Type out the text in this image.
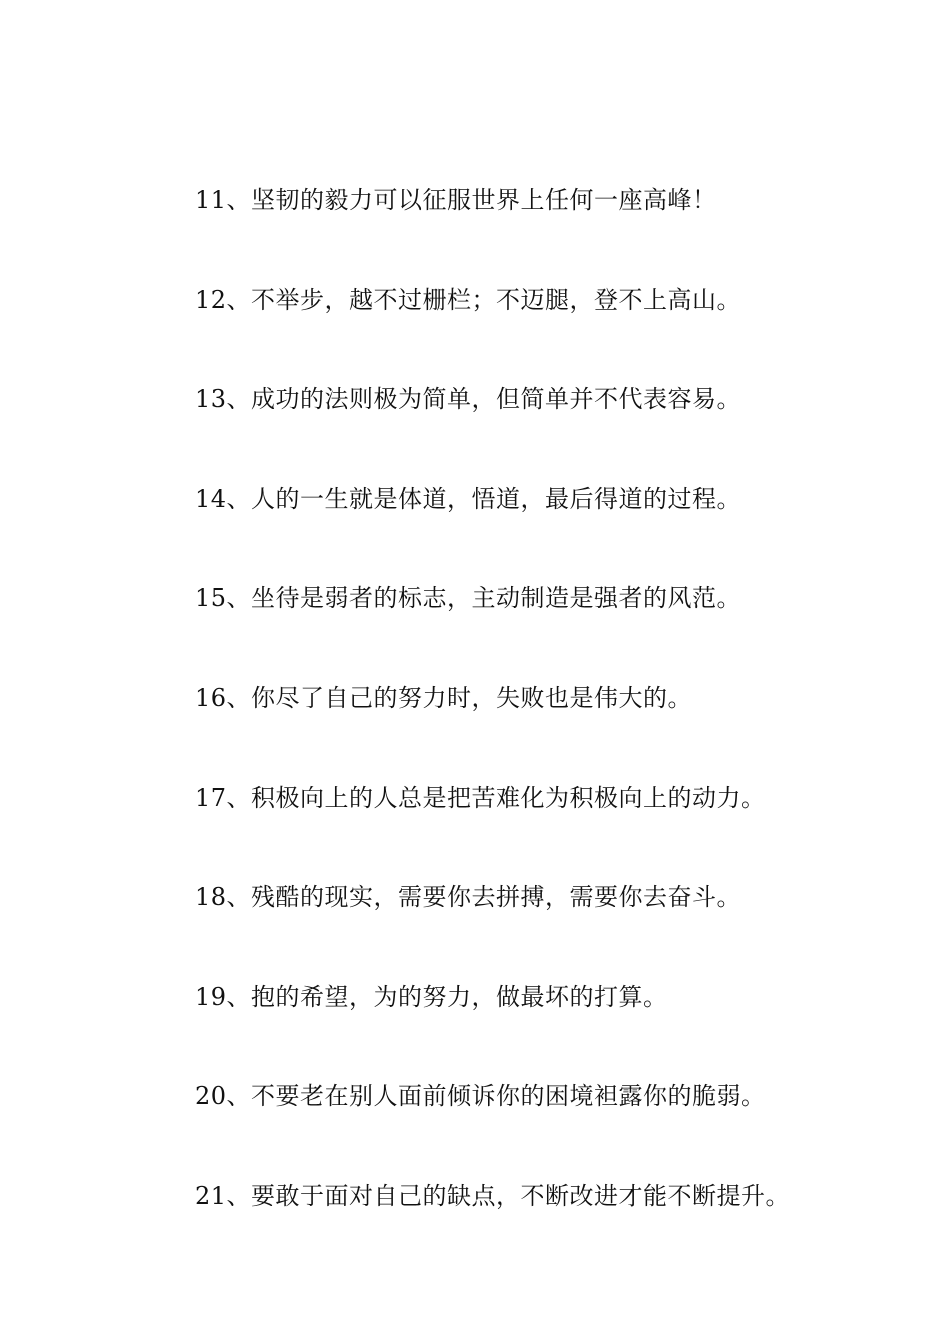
11、坚韧的毅力可以征服世界上任何一座高峰！
12、不举步，越不过栅栏；不迈腿，登不上高山。
13、成功的法则极为简单，但简单并不代表容易。
14、人的一生就是体道，悟道，最后得道的过程。
15、坐待是弱者的标志，主动制造是强者的风范。
16、你尽了自己的努力时，失败也是伟大的。
17、积极向上的人总是把苦难化为积极向上的动力。
18、残酷的现实，需要你去拼搏，需要你去奋斗。
19、抱的希望，为的努力，做最坏的打算。
20、不要老在别人面前倾诉你的困境袒露你的脆弱。
21、要敢于面对自己的缺点，不断改进才能不断提升。
